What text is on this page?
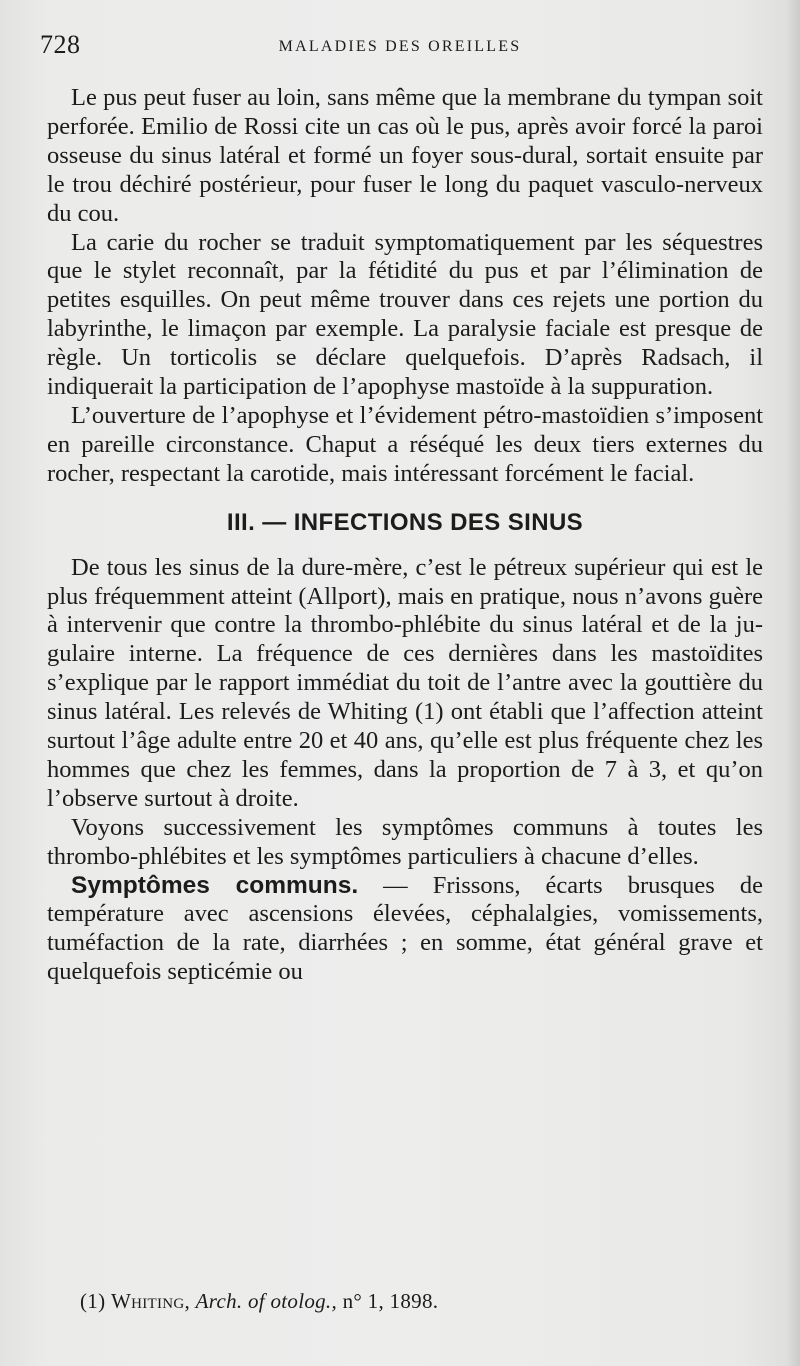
728	MALADIES DES OREILLES

Le pus peut fuser au loin, sans même que la membrane du tympan soit perforée. Emilio de Rossi cite un cas où le pus, après avoir forcé la paroi osseuse du sinus latéral et formé un foyer sous-dural, sortait ensuite par le trou déchiré postérieur, pour fuser le long du paquet vasculo-nerveux du cou.

La carie du rocher se traduit symptomatiquement par les séquestres que le stylet reconnaît, par la fétidité du pus et par l’élimination de petites esquilles. On peut même trouver dans ces rejets une portion du labyrinthe, le limaçon par exemple. La paralysie faciale est presque de règle. Un torticolis se déclare quelquefois. D’après Radsach, il indiquerait la participation de l’apophyse mastoïde à la suppuration.

L’ouverture de l’apophyse et l’évidement pétro-mastoïdien s’imposent en pareille circonstance. Chaput a réséqué les deux tiers externes du rocher, respectant la carotide, mais intéressant forcément le facial.

III. — INFECTIONS DES SINUS

De tous les sinus de la dure-mère, c’est le pétreux supérieur qui est le plus fréquemment atteint (Allport), mais en pratique, nous n’avons guère à intervenir que contre la thrombo-phlébite du sinus latéral et de la jugulaire interne. La fréquence de ces dernières dans les mastoïdites s’explique par le rapport immédiat du toit de l’antre avec la gouttière du sinus latéral. Les relevés de Whiting (1) ont établi que l’affection atteint surtout l’âge adulte entre 20 et 40 ans, qu’elle est plus fréquente chez les hommes que chez les femmes, dans la proportion de 7 à 3, et qu’on l’observe surtout à droite.

Voyons successivement les symptômes communs à toutes les thrombo-phlébites et les symptômes particuliers à chacune d’elles.

Symptômes communs. — Frissons, écarts brusques de température avec ascensions élevées, céphalalgies, vomissements, tuméfaction de la rate, diarrhées ; en somme, état général grave et quelquefois septicémie ou

(1) Whiting, Arch. of otolog., n° 1, 1898.
